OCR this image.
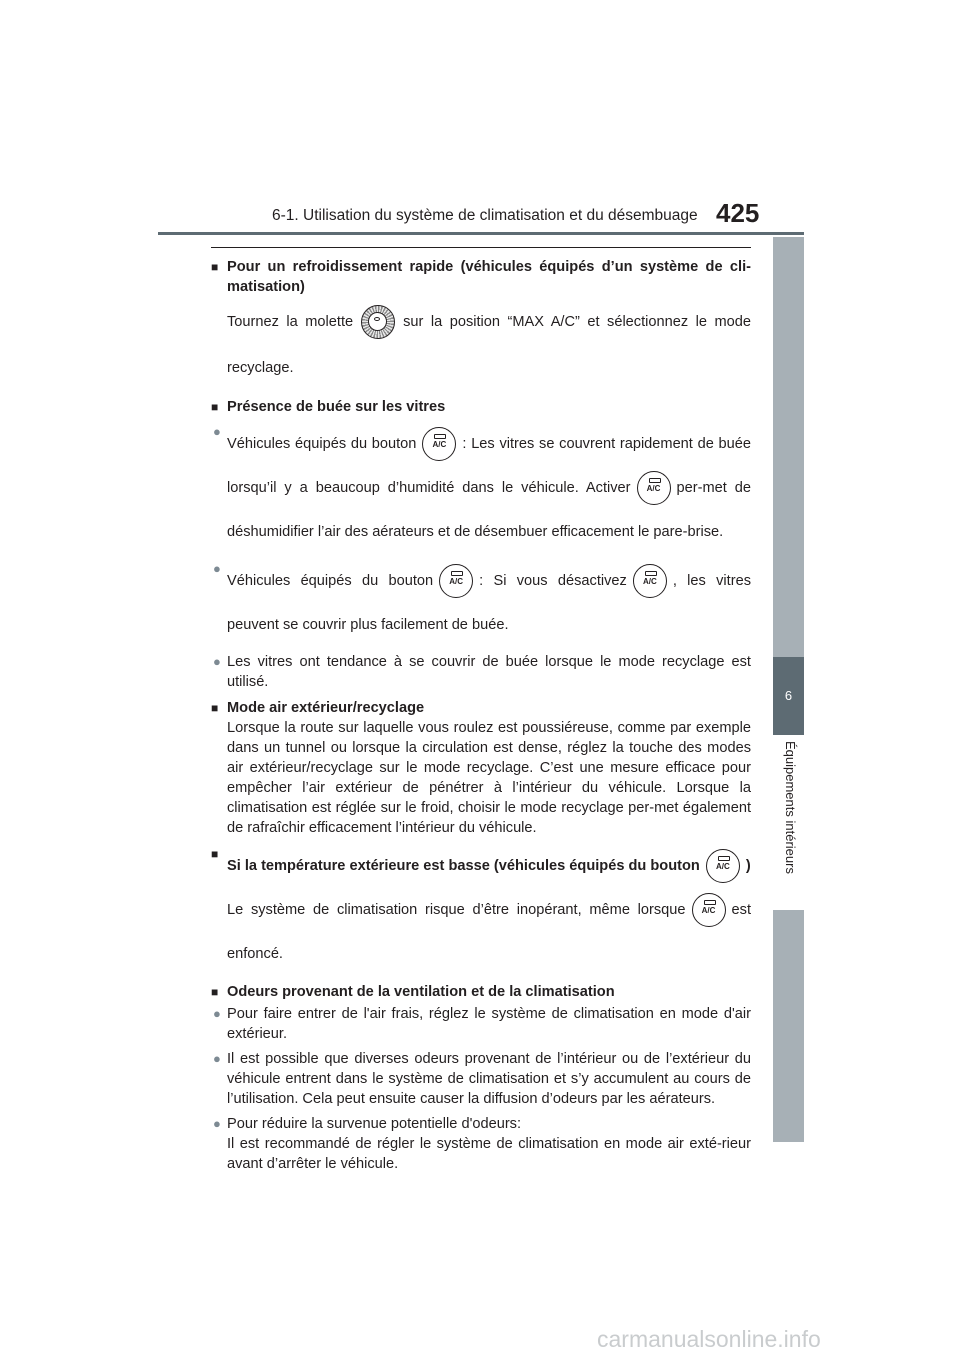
6-1. Utilisation du système de climatisation et du désembuage 425
6
Équipements intérieurs
■ Pour un refroidissement rapide (véhicules équipés d’un système de cli-matisation)
Tournez la molette	sur la position “MAX A/C” et sélectionnez le mode recyclage.
■ Présence de buée sur les vitres
●
Véhicules équipés du bouton	A/C	: Les vitres se couvrent rapidement de buée lorsqu’il y a beaucoup d’humidité dans le véhicule. Activer	A/C	per-met de déshumidifier l’air des aérateurs et de désembuer efficacement le pare-brise.
●
Véhicules équipés du bouton	A/C	: Si vous désactivez	A/C	, les vitres peuvent se couvrir plus facilement de buée.
● Les vitres ont tendance à se couvrir de buée lorsque le mode recyclage est utilisé.
■ Mode air extérieur/recyclage
Lorsque la route sur laquelle vous roulez est poussiéreuse, comme par exemple dans un tunnel ou lorsque la circulation est dense, réglez la touche des modes air extérieur/recyclage sur le mode recyclage. C’est une mesure efficace pour empêcher l’air extérieur de pénétrer à l’intérieur du véhicule. Lorsque la climatisation est réglée sur le froid, choisir le mode recyclage per-met également de rafraîchir efficacement l’intérieur du véhicule.
■
Si la température extérieure est basse (véhicules équipés du bouton	A/C	)
Le système de climatisation risque d’être inopérant, même lorsque	A/C	est enfoncé.
■ Odeurs provenant de la ventilation et de la climatisation
● Pour faire entrer de l'air frais, réglez le système de climatisation en mode d'air extérieur.
● Il est possible que diverses odeurs provenant de l’intérieur ou de l’extérieur du véhicule entrent dans le système de climatisation et s’y accumulent au cours de l’utilisation. Cela peut ensuite causer la diffusion d’odeurs par les aérateurs.
● Pour réduire la survenue potentielle d'odeurs:
Il est recommandé de régler le système de climatisation en mode air exté-rieur avant d’arrêter le véhicule.
carmanualsonline.info
